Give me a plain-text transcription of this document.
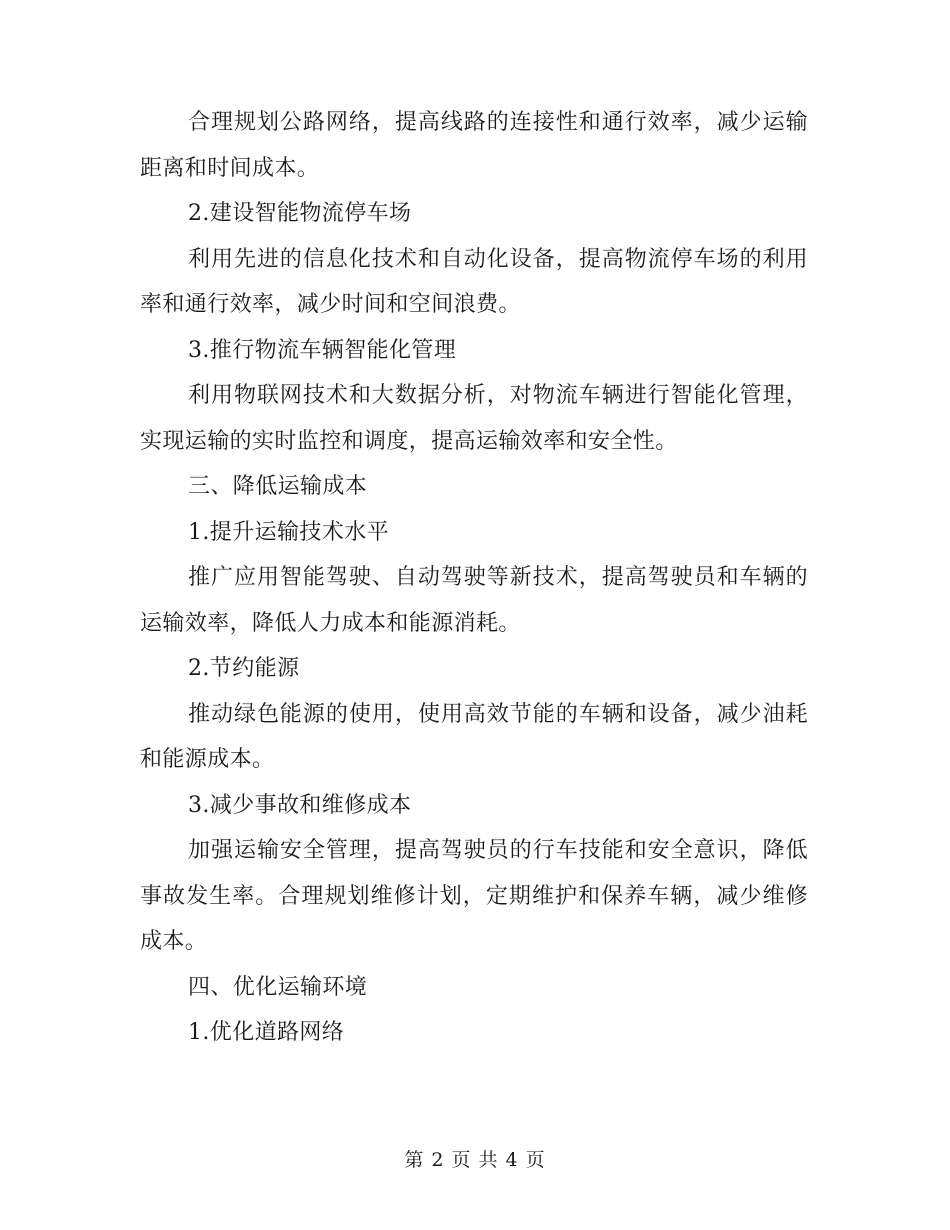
合理规划公路网络，提高线路的连接性和通行效率，减少运输距离和时间成本。

2.建设智能物流停车场

利用先进的信息化技术和自动化设备，提高物流停车场的利用率和通行效率，减少时间和空间浪费。

3.推行物流车辆智能化管理

利用物联网技术和大数据分析，对物流车辆进行智能化管理，实现运输的实时监控和调度，提高运输效率和安全性。

三、降低运输成本

1.提升运输技术水平

推广应用智能驾驶、自动驾驶等新技术，提高驾驶员和车辆的运输效率，降低人力成本和能源消耗。

2.节约能源

推动绿色能源的使用，使用高效节能的车辆和设备，减少油耗和能源成本。

3.减少事故和维修成本

加强运输安全管理，提高驾驶员的行车技能和安全意识，降低事故发生率。合理规划维修计划，定期维护和保养车辆，减少维修成本。

四、优化运输环境

1.优化道路网络

第 2 页 共 4 页
